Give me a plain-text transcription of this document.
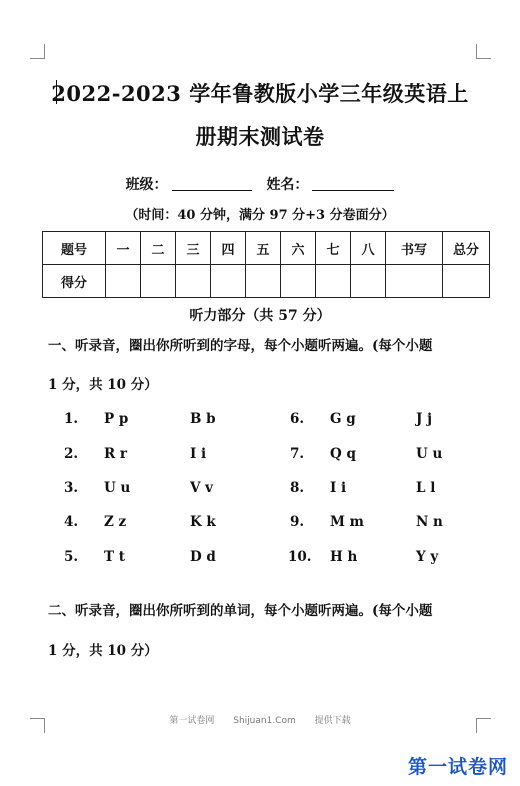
2022-2023 学年鲁教版小学三年级英语上
册期末测试卷
班级：	姓名：
（时间：40 分钟，满分 97 分+3 分卷面分）
题号	一	二	三	四	五	六	七	八	书写	总分
得分										
听力部分（共 57 分）
一、听录音，圈出你所听到的字母，每个小题听两遍。(每个小题
1 分，共 10 分）
1. P p	B b	6. G g	J j
2. R r	I i	7. Q q	U u
3. U u	V v	8. I i	L l
4. Z z	K k	9. M m	N n
5. T t	D d	10. H h	Y y
二、听录音，圈出你所听到的单词，每个小题听两遍。(每个小题
1 分，共 10 分）
第一试卷网 Shijuan1.Com 提供下载
第一试卷网
